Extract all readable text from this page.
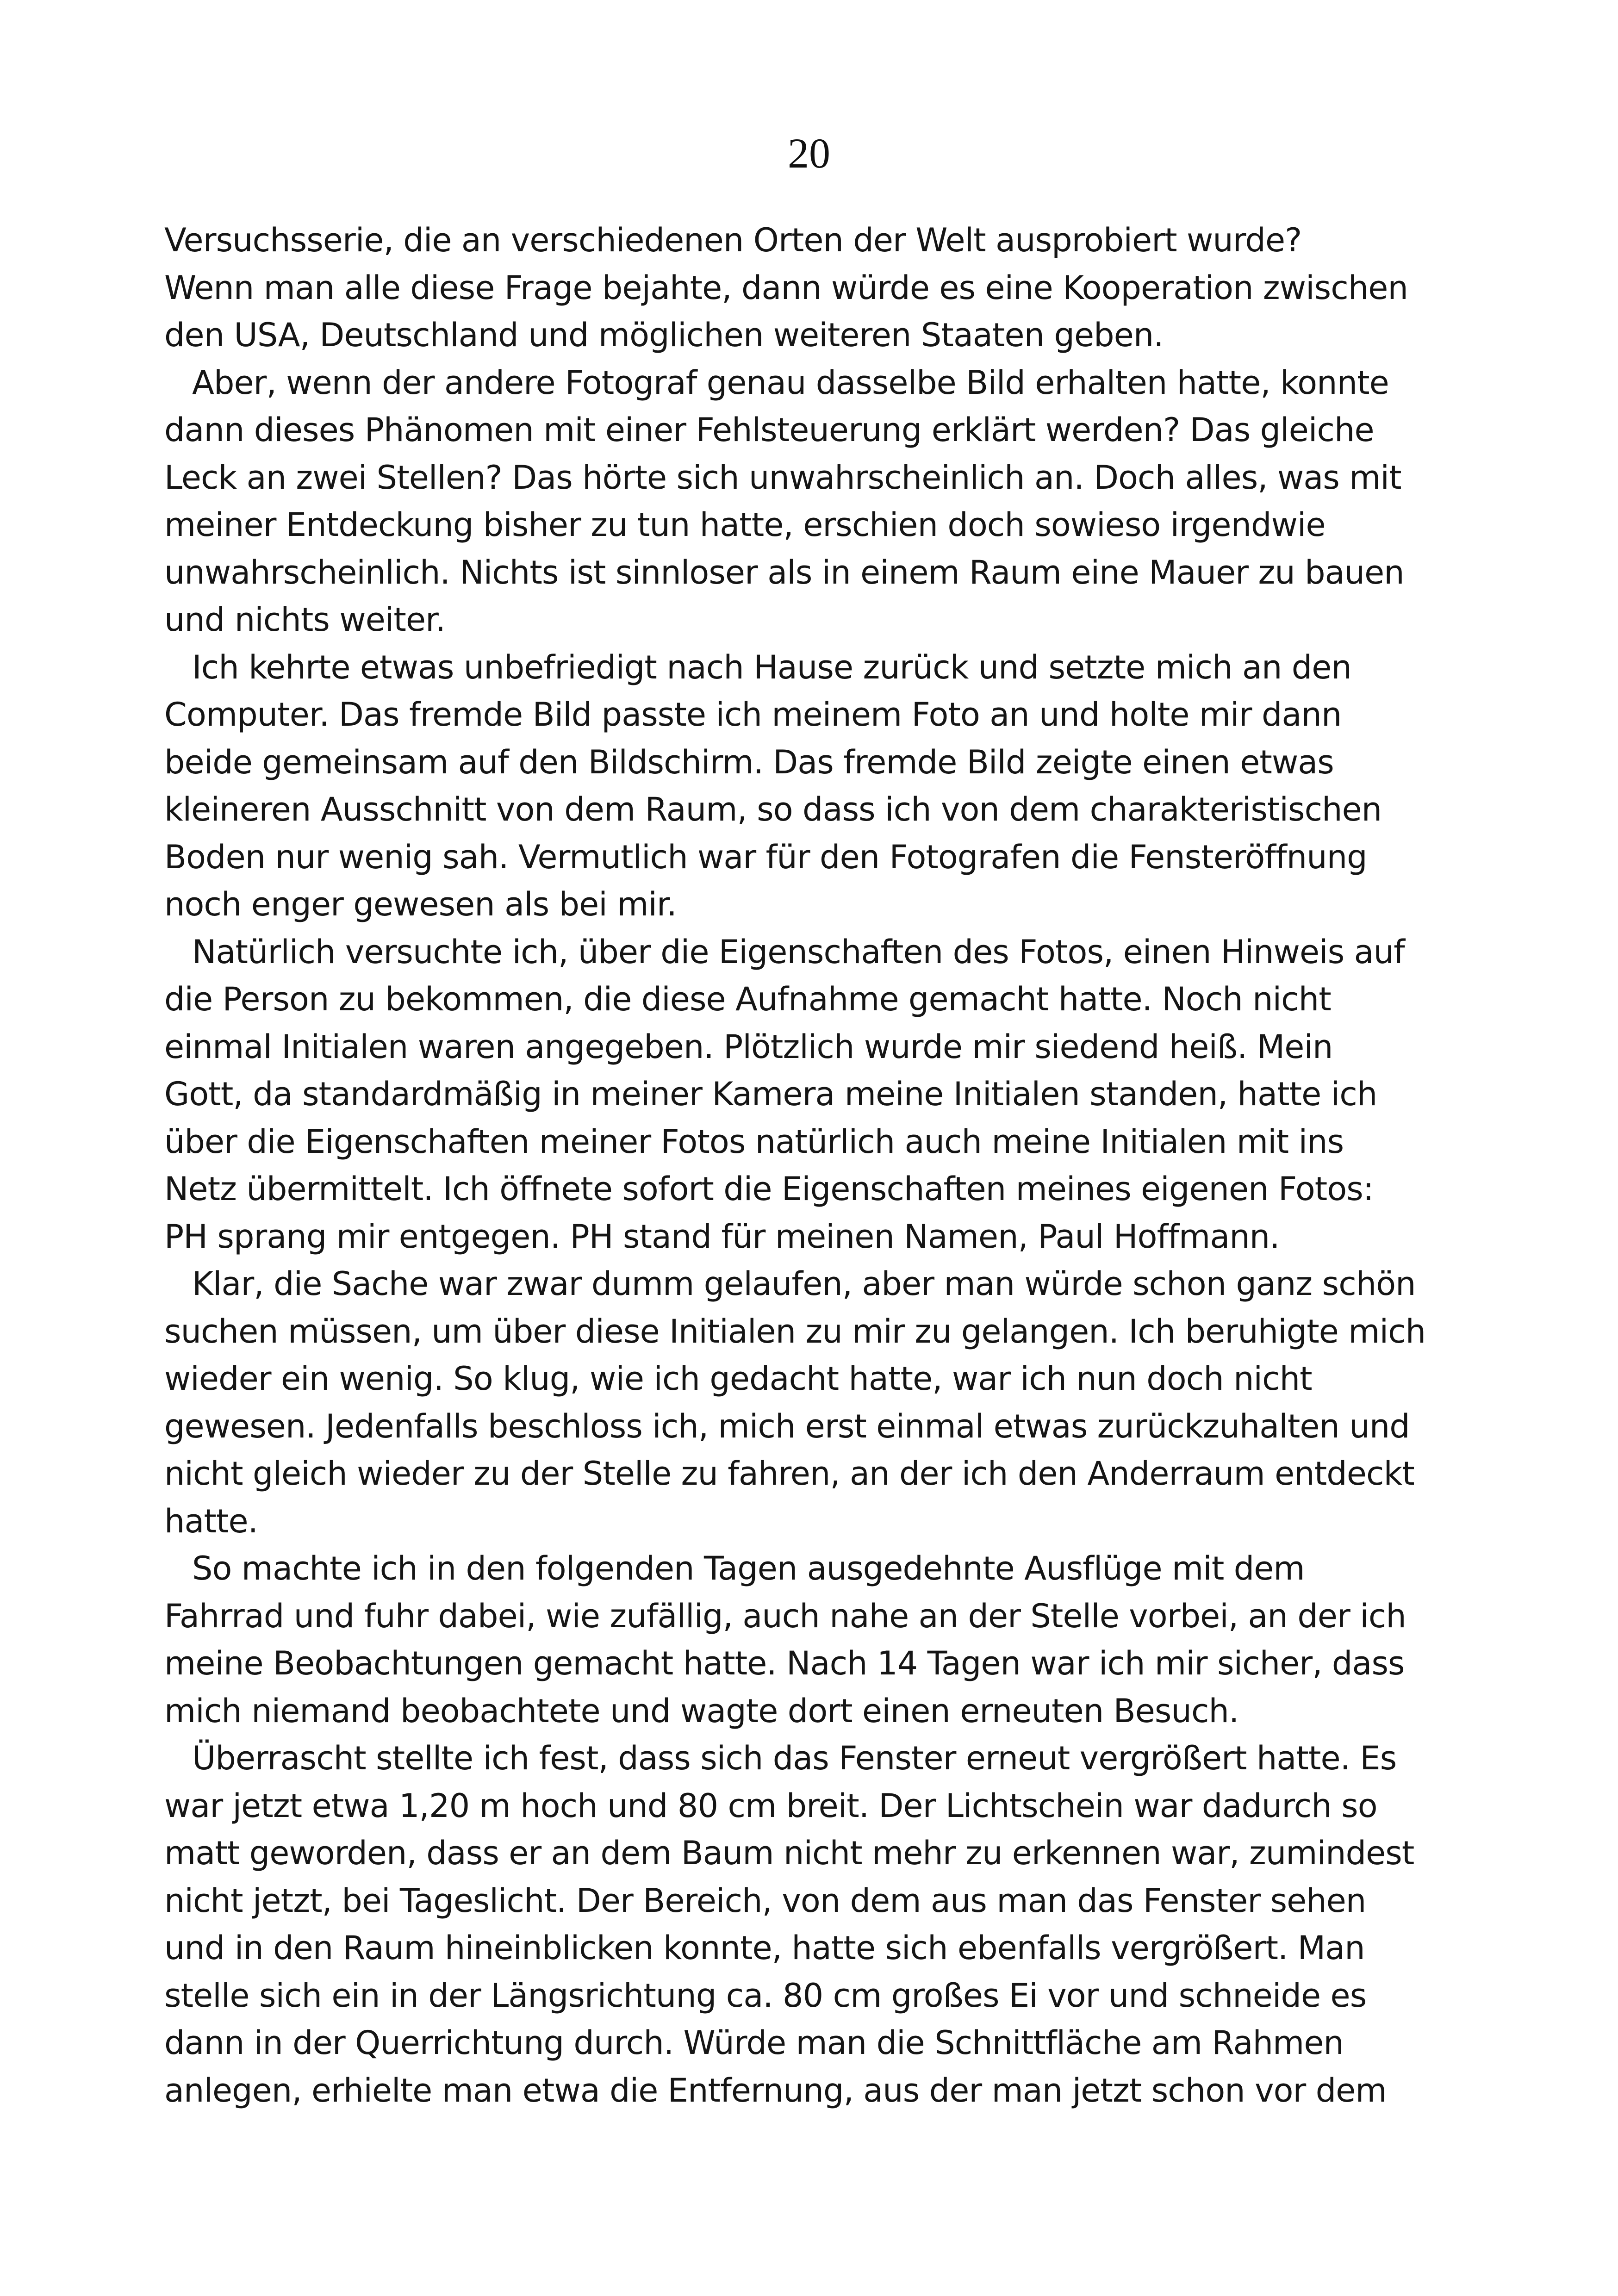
20
Versuchsserie, die an verschiedenen Orten der Welt ausprobiert wurde?
Wenn man alle diese Frage bejahte, dann würde es eine Kooperation zwischen
den USA, Deutschland und möglichen weiteren Staaten geben.
Aber, wenn der andere Fotograf genau dasselbe Bild erhalten hatte, konnte
dann dieses Phänomen mit einer Fehlsteuerung erklärt werden? Das gleiche
Leck an zwei Stellen? Das hörte sich unwahrscheinlich an. Doch alles, was mit
meiner Entdeckung bisher zu tun hatte, erschien doch sowieso irgendwie
unwahrscheinlich. Nichts ist sinnloser als in einem Raum eine Mauer zu bauen
und nichts weiter.
Ich kehrte etwas unbefriedigt nach Hause zurück und setzte mich an den
Computer. Das fremde Bild passte ich meinem Foto an und holte mir dann
beide gemeinsam auf den Bildschirm. Das fremde Bild zeigte einen etwas
kleineren Ausschnitt von dem Raum, so dass ich von dem charakteristischen
Boden nur wenig sah. Vermutlich war für den Fotografen die Fensteröffnung
noch enger gewesen als bei mir.
Natürlich versuchte ich, über die Eigenschaften des Fotos, einen Hinweis auf
die Person zu bekommen, die diese Aufnahme gemacht hatte. Noch nicht
einmal Initialen waren angegeben. Plötzlich wurde mir siedend heiß. Mein
Gott, da standardmäßig in meiner Kamera meine Initialen standen, hatte ich
über die Eigenschaften meiner Fotos natürlich auch meine Initialen mit ins
Netz übermittelt. Ich öffnete sofort die Eigenschaften meines eigenen Fotos:
PH sprang mir entgegen. PH stand für meinen Namen, Paul Hoffmann.
Klar, die Sache war zwar dumm gelaufen, aber man würde schon ganz schön
suchen müssen, um über diese Initialen zu mir zu gelangen. Ich beruhigte mich
wieder ein wenig. So klug, wie ich gedacht hatte, war ich nun doch nicht
gewesen. Jedenfalls beschloss ich, mich erst einmal etwas zurückzuhalten und
nicht gleich wieder zu der Stelle zu fahren, an der ich den Anderraum entdeckt
hatte.
So machte ich in den folgenden Tagen ausgedehnte Ausflüge mit dem
Fahrrad und fuhr dabei, wie zufällig, auch nahe an der Stelle vorbei, an der ich
meine Beobachtungen gemacht hatte. Nach 14 Tagen war ich mir sicher, dass
mich niemand beobachtete und wagte dort einen erneuten Besuch.
Überrascht stellte ich fest, dass sich das Fenster erneut vergrößert hatte. Es
war jetzt etwa 1,20 m hoch und 80 cm breit. Der Lichtschein war dadurch so
matt geworden, dass er an dem Baum nicht mehr zu erkennen war, zumindest
nicht jetzt, bei Tageslicht. Der Bereich, von dem aus man das Fenster sehen
und in den Raum hineinblicken konnte, hatte sich ebenfalls vergrößert. Man
stelle sich ein in der Längsrichtung ca. 80 cm großes Ei vor und schneide es
dann in der Querrichtung durch. Würde man die Schnittfläche am Rahmen
anlegen, erhielte man etwa die Entfernung, aus der man jetzt schon vor dem
